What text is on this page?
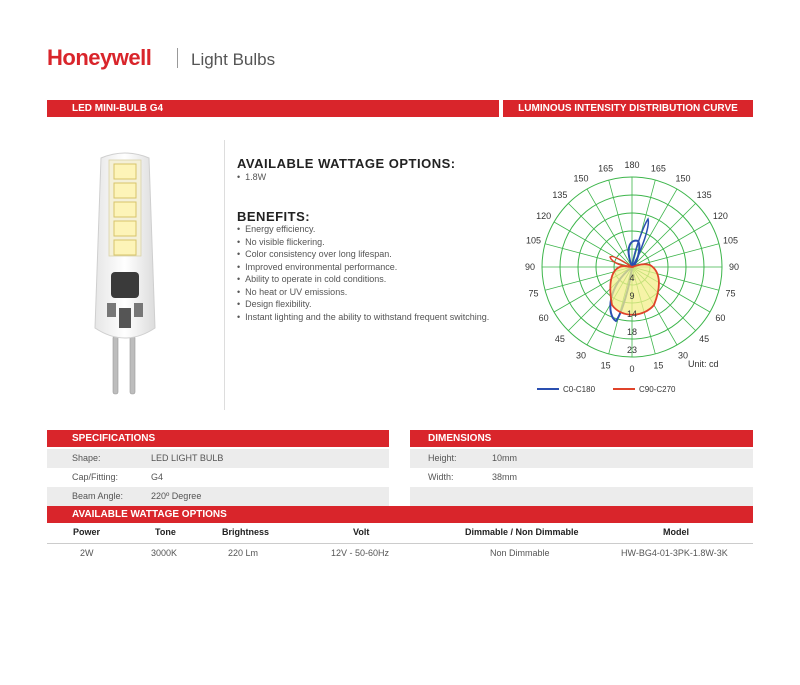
Honeywell Light Bulbs
LED MINI-BULB G4	LUMINOUS INTENSITY DISTRIBUTION CURVE
AVAILABLE WATTAGE OPTIONS:
• 1.8W
BENEFITS:
• Energy efficiency.
• No visible flickering.
• Color consistency over long lifespan.
• Improved environmental performance.
• Ability to operate in cold conditions.
• No heat or UV emissions.
• Design flexibility.
• Instant lighting and the ability to withstand frequent switching.
180 165
165
150
150
135
135
120
120
105
105
90
90
75
75
60
60
45
45
30
30
15
15 0
4
9
14
18
23
Unit: cd
C0-C180	C90-C270
SPECIFICATIONS
Shape:	LED LIGHT BULB
Cap/Fitting:	G4
Beam Angle:	220º Degree
DIMENSIONS
Height:	10mm
Width:	38mm
AVAILABLE WATTAGE OPTIONS
Power	Tone	Brightness	Volt	Dimmable / Non Dimmable	Model
2W	3000K	220 Lm	12V - 50-60Hz	Non Dimmable	HW-BG4-01-3PK-1.8W-3K
